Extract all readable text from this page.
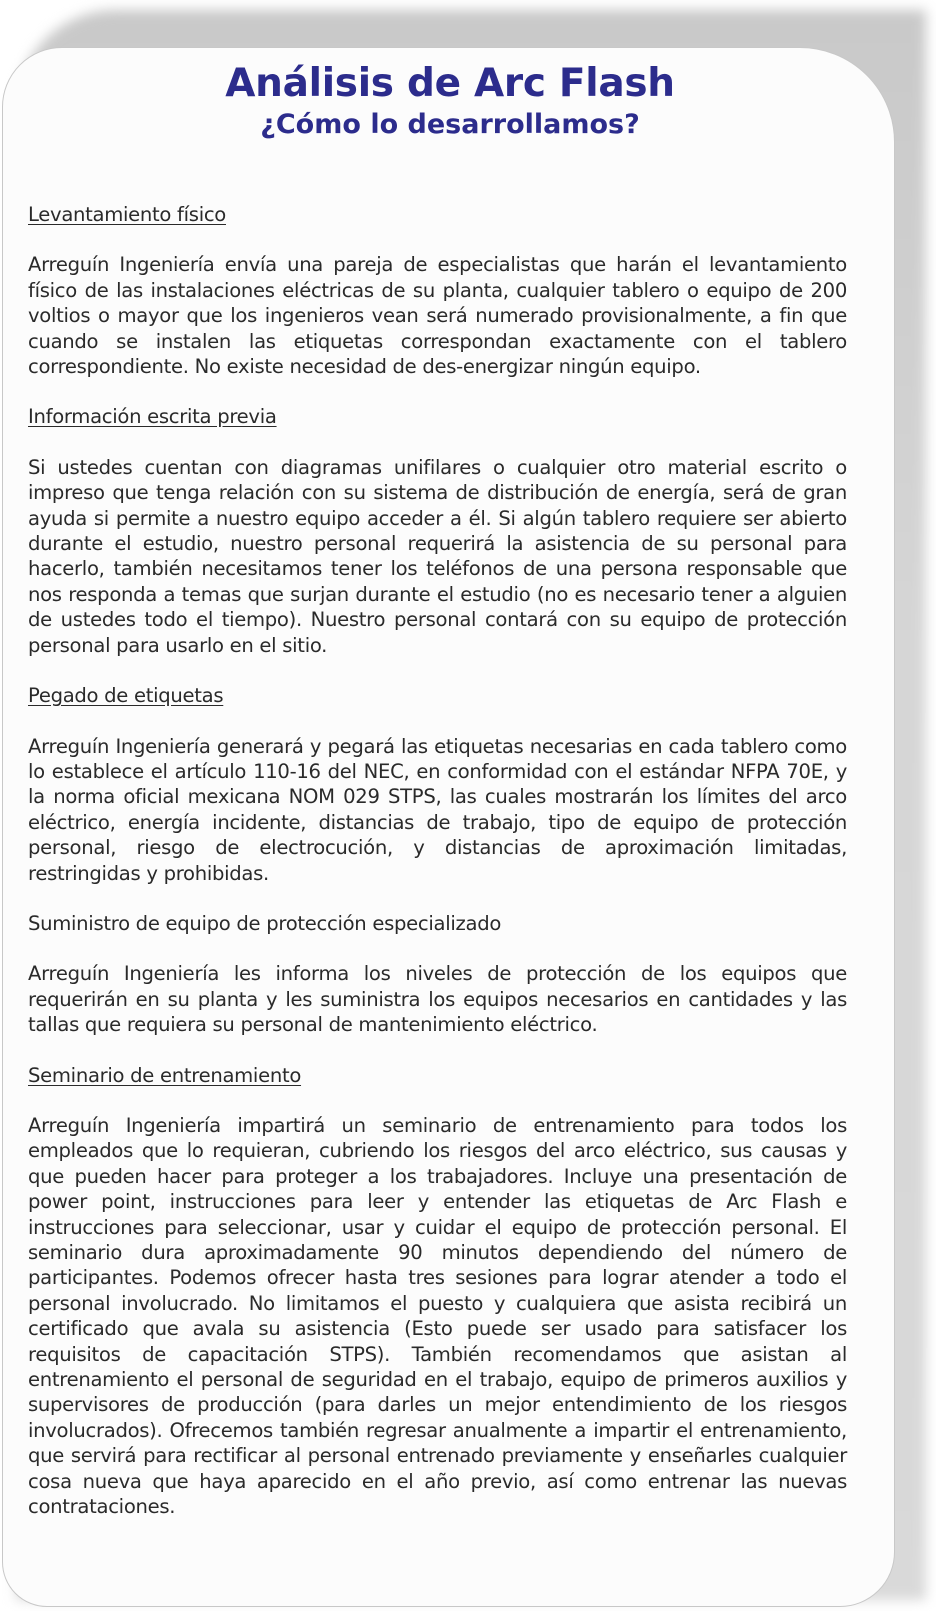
Análisis de Arc Flash
¿Cómo lo desarrollamos?

Levantamiento físico

Arreguín Ingeniería envía una pareja de especialistas que harán el levantamiento físico de las instalaciones eléctricas de su planta, cualquier tablero o equipo de 200 voltios o mayor que los ingenieros vean será numerado provisionalmente, a fin que cuando se instalen las etiquetas correspondan exactamente con el tablero correspondiente. No existe necesidad de des-energizar ningún equipo.

Información escrita previa

Si ustedes cuentan con diagramas unifilares o cualquier otro material escrito o impreso que tenga relación con su sistema de distribución de energía, será de gran ayuda si permite a nuestro equipo acceder a él. Si algún tablero requiere ser abierto durante el estudio, nuestro personal requerirá la asistencia de su personal para hacerlo, también necesitamos tener los teléfonos de una persona responsable que nos responda a temas que surjan durante el estudio (no es necesario tener a alguien de ustedes todo el tiempo). Nuestro personal contará con su equipo de protección personal para usarlo en el sitio.

Pegado de etiquetas

Arreguín Ingeniería generará y pegará las etiquetas necesarias en cada tablero como lo establece el artículo 110-16 del NEC, en conformidad con el estándar NFPA 70E, y la norma oficial mexicana NOM 029 STPS, las cuales mostrarán los límites del arco eléctrico, energía incidente, distancias de trabajo, tipo de equipo de protección personal, riesgo de electrocución, y distancias de aproximación limitadas, restringidas y prohibidas.

Suministro de equipo de protección especializado

Arreguín Ingeniería les informa los niveles de protección de los equipos que requerirán en su planta y les suministra los equipos necesarios en cantidades y las tallas que requiera su personal de mantenimiento eléctrico.

Seminario de entrenamiento

Arreguín Ingeniería impartirá un seminario de entrenamiento para todos los empleados que lo requieran, cubriendo los riesgos del arco eléctrico, sus causas y que pueden hacer para proteger a los trabajadores. Incluye una presentación de power point, instrucciones para leer y entender las etiquetas de Arc Flash e instrucciones para seleccionar, usar y cuidar el equipo de protección personal. El seminario dura aproximadamente 90 minutos dependiendo del número de participantes. Podemos ofrecer hasta tres sesiones para lograr atender a todo el personal involucrado. No limitamos el puesto y cualquiera que asista recibirá un certificado que avala su asistencia (Esto puede ser usado para satisfacer los requisitos de capacitación STPS). También recomendamos que asistan al entrenamiento el personal de seguridad en el trabajo, equipo de primeros auxilios y supervisores de producción (para darles un mejor entendimiento de los riesgos involucrados). Ofrecemos también regresar anualmente a impartir el entrenamiento, que servirá para rectificar al personal entrenado previamente y enseñarles cualquier cosa nueva que haya aparecido en el año previo, así como entrenar las nuevas contrataciones.
